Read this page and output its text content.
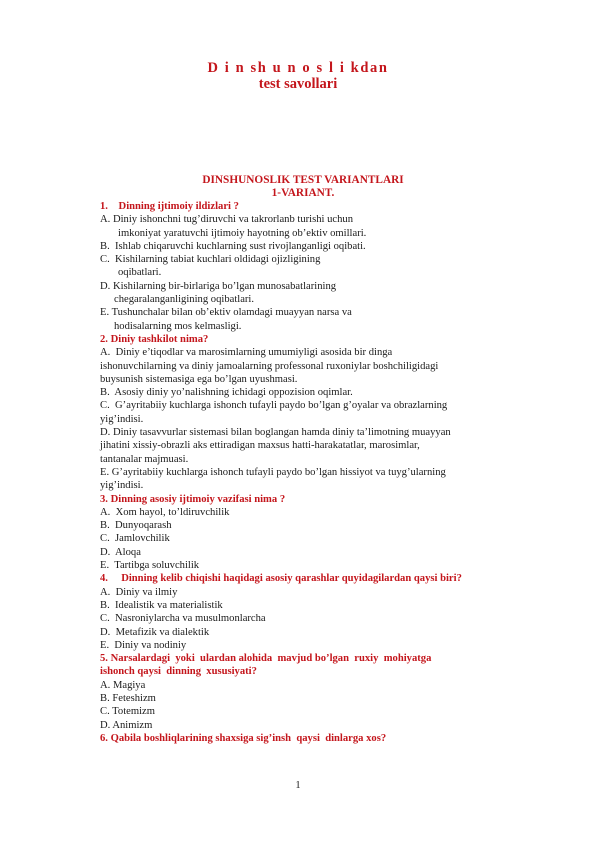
D i n sh u n o s l i kdan
test savollari
DINSHUNOSLIK TEST VARIANTLARI
1-VARIANT.
1.    Dinning ijtimoiy ildizlari ?
A. Diniy ishonchni tug’diruvchi va takrorlanb turishi uchun
imkoniyat yaratuvchi ijtimoiy hayotning ob’ektiv omillari.
B.  Ishlab chiqaruvchi kuchlarning sust rivojlanganligi oqibati.
C.  Kishilarning tabiat kuchlari oldidagi ojizligining
oqibatlari.
D. Kishilarning bir-birlariga bo’lgan munosabatlarining
chegaralanganligining oqibatlari.
E. Tushunchalar bilan ob’ektiv olamdagi muayyan narsa va
hodisalarning mos kelmasligi.
2. Diniy tashkilot nima?
A.  Diniy e’tiqodlar va marosimlarning umumiyligi asosida bir dinga
ishonuvchilarning va diniy jamoalarning professonal ruxoniylar boshchiligidagi
buysunish sistemasiga ega bo’lgan uyushmasi.
B.  Asosiy diniy yo’nalishning ichidagi oppozision oqimlar.
C.  G’ayritabiiy kuchlarga ishonch tufayli paydo bo’lgan g’oyalar va obrazlarning
yig’indisi.
D. Diniy tasavvurlar sistemasi bilan boglangan hamda diniy ta’limotning muayyan
jihatini xissiy-obrazli aks ettiradigan maxsus hatti-harakatatlar, marosimlar,
tantanalar majmuasi.
E. G’ayritabiiy kuchlarga ishonch tufayli paydo bo’lgan hissiyot va tuyg’ularning
yig’indisi.
3. Dinning asosiy ijtimoiy vazifasi nima ?
A.  Xom hayol, to’ldiruvchilik
B.  Dunyoqarash
C.  Jamlovchilik
D.  Aloqa
E.  Tartibga soluvchilik
4.     Dinning kelib chiqishi haqidagi asosiy qarashlar quyidagilardan qaysi biri?
A.  Diniy va ilmiy
B.  Idealistik va materialistik
C.  Nasroniylarcha va musulmonlarcha
D.  Metafizik va dialektik
E.  Diniy va nodiniy
5. Narsalardagi  yoki  ulardan alohida  mavjud bo’lgan  ruxiy  mohiyatga
ishonch qaysi  dinning  xususiyati?
A. Magiya
B. Feteshizm
C. Totemizm
D. Animizm
6. Qabila boshliqlarining shaxsiga sig’insh  qaysi  dinlarga xos?
1
